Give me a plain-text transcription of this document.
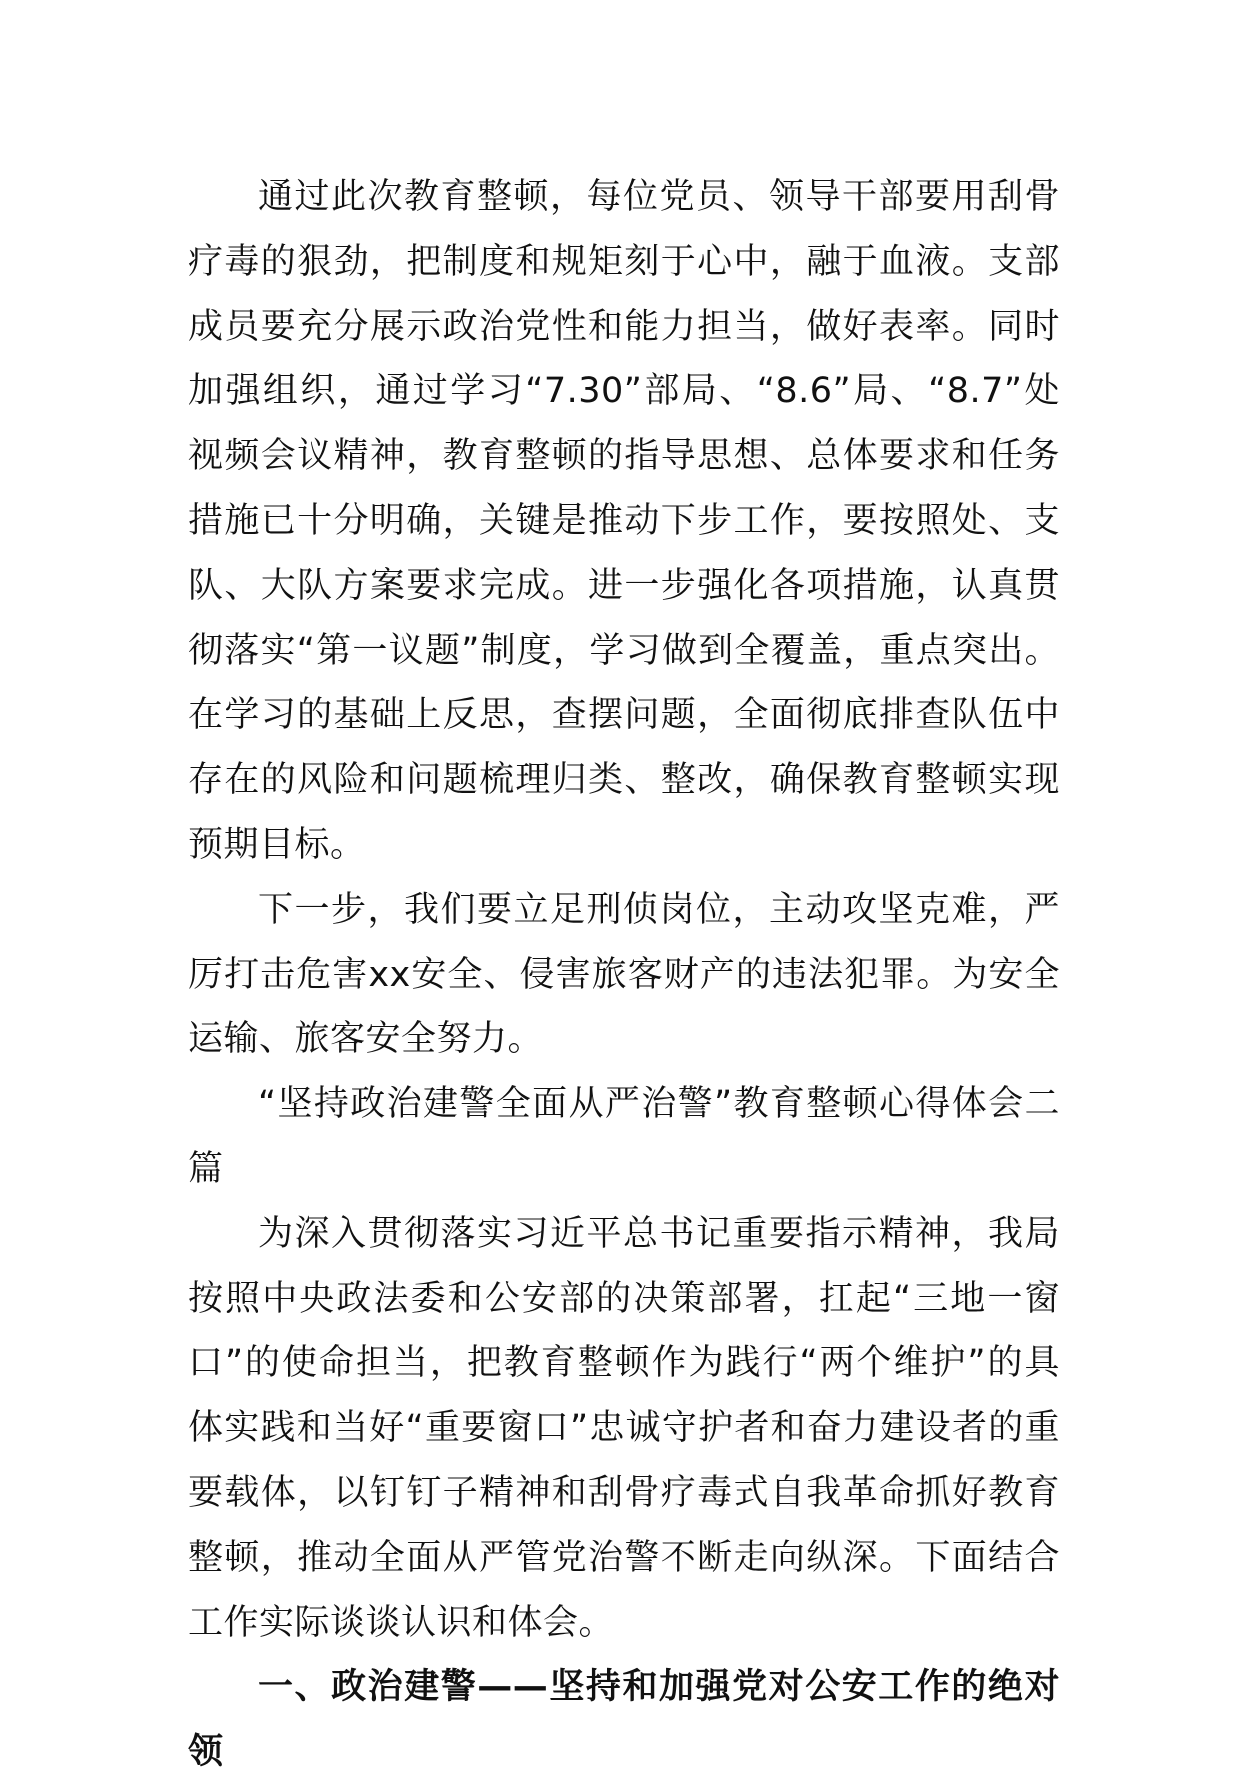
通过此次教育整顿，每位党员、领导干部要用刮骨疗毒的狠劲，把制度和规矩刻于心中，融于血液。支部成员要充分展示政治党性和能力担当，做好表率。同时加强组织，通过学习“7.30”部局、“8.6”局、“8.7”处视频会议精神，教育整顿的指导思想、总体要求和任务措施已十分明确，关键是推动下步工作，要按照处、支队、大队方案要求完成。进一步强化各项措施，认真贯彻落实“第一议题”制度，学习做到全覆盖，重点突出。在学习的基础上反思，查摆问题，全面彻底排查队伍中存在的风险和问题梳理归类、整改，确保教育整顿实现预期目标。

下一步，我们要立足刑侦岗位，主动攻坚克难，严厉打击危害xx安全、侵害旅客财产的违法犯罪。为安全运输、旅客安全努力。

“坚持政治建警全面从严治警”教育整顿心得体会二篇

为深入贯彻落实习近平总书记重要指示精神，我局按照中央政法委和公安部的决策部署，扛起“三地一窗口”的使命担当，把教育整顿作为践行“两个维护”的具体实践和当好“重要窗口”忠诚守护者和奋力建设者的重要载体，以钉钉子精神和刮骨疗毒式自我革命抓好教育整顿，推动全面从严管党治警不断走向纵深。下面结合工作实际谈谈认识和体会。

一、政治建警——坚持和加强党对公安工作的绝对领
